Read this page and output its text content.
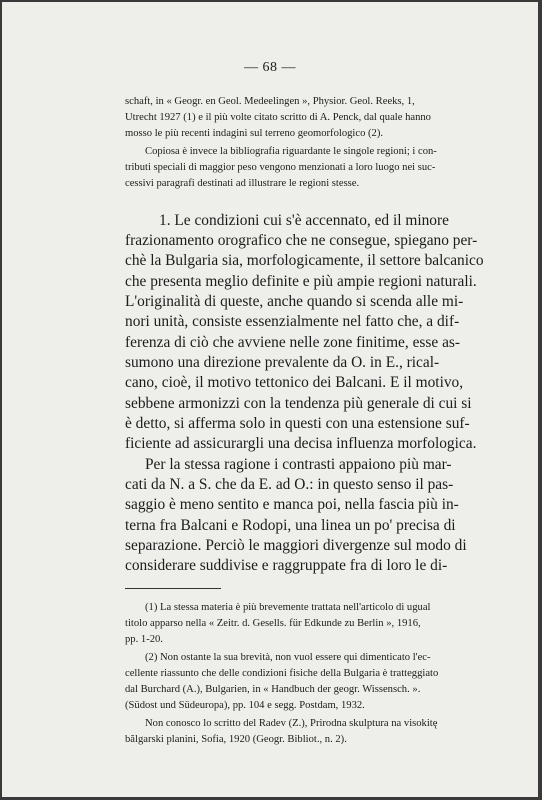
— 68 —
schaft, in « Geogr. en Geol. Medeelingen », Physior. Geol. Reeks, 1,
Utrecht 1927 (1) e il più volte citato scritto di A. Penck, dal quale hanno
mosso le più recenti indagini sul terreno geomorfologico (2).
Copiosa è invece la bibliografia riguardante le singole regioni; i con-
tributi speciali di maggior peso vengono menzionati a loro luogo nei suc-
cessivi paragrafi destinati ad illustrare le regioni stesse.
1. Le condizioni cui s'è accennato, ed il minore
frazionamento orografico che ne consegue, spiegano per-
chè la Bulgaria sia, morfologicamente, il settore balcanico
che presenta meglio definite e più ampie regioni naturali.
L'originalità di queste, anche quando si scenda alle mi-
nori unità, consiste essenzialmente nel fatto che, a dif-
ferenza di ciò che avviene nelle zone finitime, esse as-
sumono una direzione prevalente da O. in E., rical-
cano, cioè, il motivo tettonico dei Balcani. E il motivo,
sebbene armonizzi con la tendenza più generale di cui si
è detto, si afferma solo in questi con una estensione suf-
ficiente ad assicurargli una decisa influenza morfologica.
Per la stessa ragione i contrasti appaiono più mar-
cati da N. a S. che da E. ad O.: in questo senso il pas-
saggio è meno sentito e manca poi, nella fascia più in-
terna fra Balcani e Rodopi, una linea un po' precisa di
separazione. Perciò le maggiori divergenze sul modo di
considerare suddivise e raggruppate fra di loro le di-
(1) La stessa materia è più brevemente trattata nell'articolo di ugual
titolo apparso nella « Zeitr. d. Gesells. für Edkunde zu Berlin », 1916,
pp. 1-20.
(2) Non ostante la sua brevità, non vuol essere qui dimenticato l'ec-
cellente riassunto che delle condizioni fisiche della Bulgaria è tratteggiato
dal Burchard (A.), Bulgarien, in « Handbuch der geogr. Wissensch. ».
(Südost und Südeuropa), pp. 104 e segg. Postdam, 1932.
Non conosco lo scritto del Radev (Z.), Prirodna skulptura na visokitę
bălgarski planini, Sofia, 1920 (Geogr. Bibliot., n. 2).
